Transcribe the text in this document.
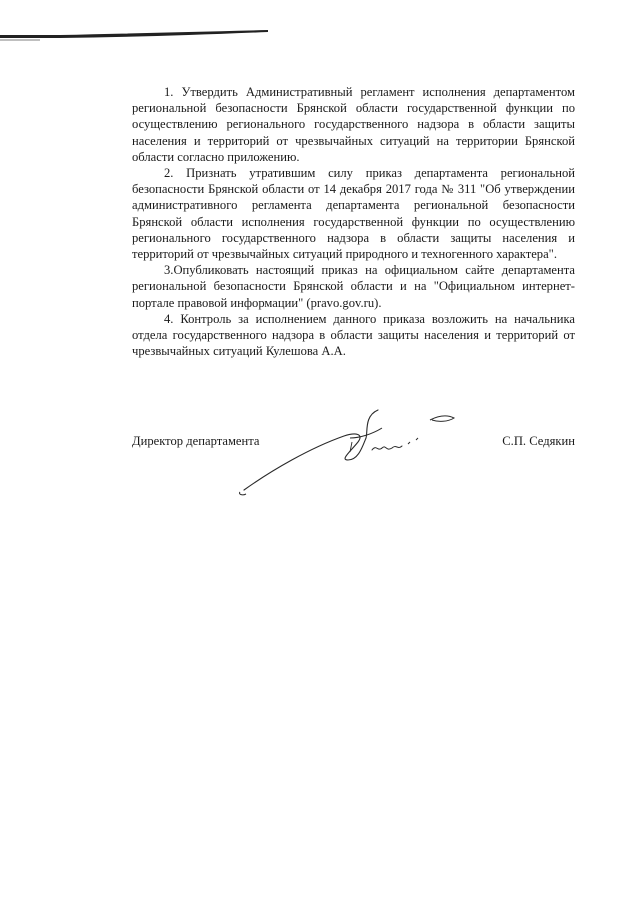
1. Утвердить Административный регламент исполнения департаментом региональной безопасности Брянской области государственной функции по осуществлению регионального государственного надзора в области защиты населения и территорий от чрезвычайных ситуаций на территории Брянской области согласно приложению.

2. Признать утратившим силу приказ департамента региональной безопасности Брянской области от 14 декабря 2017 года № 311 "Об утверждении административного регламента департамента региональной безопасности Брянской области исполнения государственной функции по осуществлению регионального государственного надзора в области защиты населения и территорий от чрезвычайных ситуаций природного и техногенного характера".

3.Опубликовать настоящий приказ на официальном сайте департамента региональной безопасности Брянской области и на "Официальном интернет-портале правовой информации" (pravo.gov.ru).

4. Контроль за исполнением данного приказа возложить на начальника отдела государственного надзора в области защиты населения и территорий от чрезвычайных ситуаций Кулешова А.А.

Директор департамента	С.П. Седякин
